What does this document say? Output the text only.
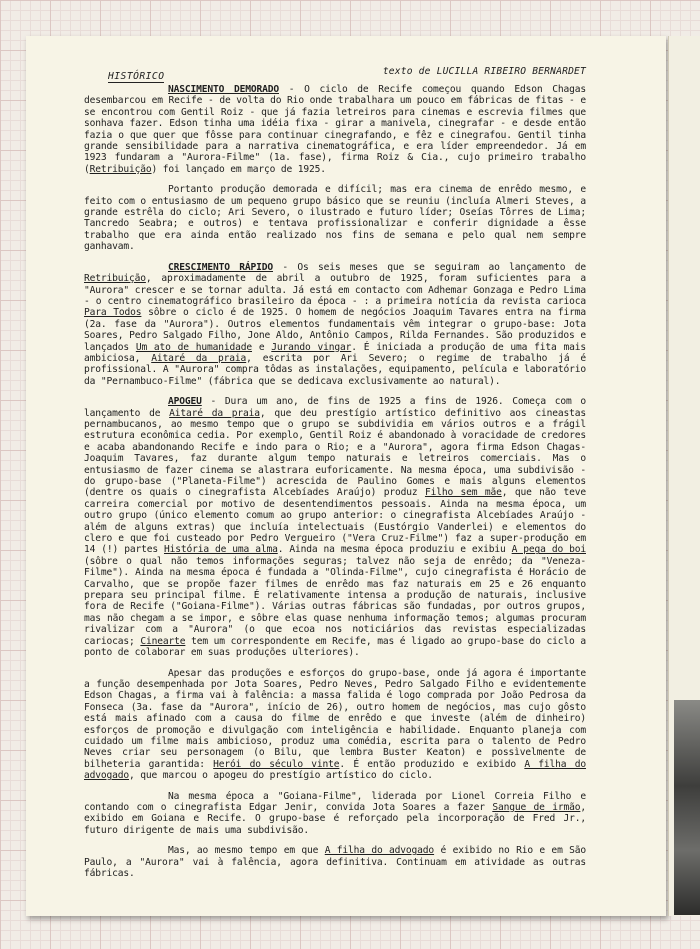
HISTÓRICO	texto de LUCILLA RIBEIRO BERNARDET

NASCIMENTO DEMORADO - O ciclo de Recife começou quando Edson Chagas desembarcou em Recife - de volta do Rio onde trabalhara um pouco em fábricas de fitas - e se encontrou com Gentil Roiz - que já fazia letreiros para cinemas e escrevia filmes que sonhava fazer. Edson tinha uma idéia fixa - girar a manivela, cinegrafar - e desde então fazia o que quer que fôsse para continuar cinegrafando, e fêz e cinegrafou. Gentil tinha grande sensibilidade para a narrativa cinematográfica, e era líder empreendedor. Já em 1923 fundaram a "Aurora-Filme" (1a. fase), firma Roiz & Cia., cujo primeiro trabalho (Retribuição) foi lançado em março de 1925.

Portanto produção demorada e difícil; mas era cinema de enrêdo mesmo, e feito com o entusiasmo de um pequeno grupo básico que se reuniu (incluía Almeri Steves, a grande estrêla do ciclo; Ari Severo, o ilustrado e futuro líder; Oseías Tôrres de Lima; Tancredo Seabra; e outros) e tentava profissionalizar e conferir dignidade a êsse trabalho que era ainda então realizado nos fins de semana e pelo qual nem sempre ganhavam.

CRESCIMENTO RÁPIDO - Os seis meses que se seguiram ao lançamento de Retribuição, aproximadamente de abril a outubro de 1925, foram suficientes para a "Aurora" crescer e se tornar adulta. Já está em contacto com Adhemar Gonzaga e Pedro Lima - o centro cinematográfico brasileiro da época - : a primeira notícia da revista carioca Para Todos sôbre o ciclo é de 1925. O homem de negócios Joaquim Tavares entra na firma (2a. fase da "Aurora"). Outros elementos fundamentais vêm integrar o grupo-base: Jota Soares, Pedro Salgado Filho, Jone Aldo, Antônio Campos, Rilda Fernandes. São produzidos e lançados Um ato de humanidade e Jurando vingar. É iniciada a produção de uma fita mais ambiciosa, Aitaré da praia, escrita por Ari Severo; o regime de trabalho já é profissional. A "Aurora" compra tôdas as instalações, equipamento, película e laboratório da "Pernambuco-Filme" (fábrica que se dedicava exclusivamente ao natural).

APOGEU - Dura um ano, de fins de 1925 a fins de 1926. Começa com o lançamento de Aitaré da praia, que deu prestígio artístico definitivo aos cineastas pernambucanos, ao mesmo tempo que o grupo se subdividia em vários outros e a frágil estrutura econômica cedia. Por exemplo, Gentil Roiz é abandonado à voracidade de credores e acaba abandonando Recife e indo para o Rio; e a "Aurora", agora firma Edson Chagas-Joaquim Tavares, faz durante algum tempo naturais e letreiros comerciais. Mas o entusiasmo de fazer cinema se alastrara euforicamente. Na mesma época, uma subdivisão - do grupo-base ("Planeta-Filme") acrescida de Paulino Gomes e mais alguns elementos (dentre os quais o cinegrafista Alcebíades Araújo) produz Filho sem mãe, que não teve carreira comercial por motivo de desentendimentos pessoais. Ainda na mesma época, um outro grupo (único elemento comum ao grupo anterior: o cinegrafista Alcebíades Araújo - além de alguns extras) que incluía intelectuais (Eustórgio Vanderlei) e elementos do clero e que foi custeado por Pedro Vergueiro ("Vera Cruz-Filme") faz a super-produção em 14 (!) partes História de uma alma. Ainda na mesma época produziu e exibiu A pega do boi (sôbre o qual não temos informações seguras; talvez não seja de enrêdo; da "Veneza-Filme"). Ainda na mesma época é fundada a "Olinda-Filme", cujo cinegrafista é Horácio de Carvalho, que se propõe fazer filmes de enrêdo mas faz naturais em 25 e 26 enquanto prepara seu principal filme. É relativamente intensa a produção de naturais, inclusive fora de Recife ("Goiana-Filme"). Várias outras fábricas são fundadas, por outros grupos, mas não chegam a se impor, e sôbre elas quase nenhuma informação temos; algumas procuram rivalizar com a "Aurora" (o que ecoa nos noticiários das revistas especializadas cariocas; Cinearte tem um correspondente em Recife, mas é ligado ao grupo-base do ciclo a ponto de colaborar em suas produções ulteriores).

Apesar das produções e esforços do grupo-base, onde já agora é importante a função desempenhada por Jota Soares, Pedro Neves, Pedro Salgado Filho e evidentemente Edson Chagas, a firma vai à falência: a massa falida é logo comprada por João Pedrosa da Fonseca (3a. fase da "Aurora", início de 26), outro homem de negócios, mas cujo gôsto está mais afinado com a causa do filme de enrêdo e que investe (além de dinheiro) esforços de promoção e divulgação com inteligência e habilidade. Enquanto planeja com cuidado um filme mais ambicioso, produz uma comédia, escrita para o talento de Pedro Neves criar seu personagem (o Bilu, que lembra Buster Keaton) e possìvelmente de bilheteria garantida: Herói do século vinte. É então produzido e exibido A filha do advogado, que marcou o apogeu do prestígio artístico do ciclo.

Na mesma época a "Goiana-Filme", liderada por Lionel Correia Filho e contando com o cinegrafista Edgar Jenir, convida Jota Soares a fazer Sangue de irmão, exibido em Goiana e Recife. O grupo-base é reforçado pela incorporação de Fred Jr., futuro dirigente de mais uma subdivisão.

Mas, ao mesmo tempo em que A filha do advogado é exibido no Rio e em São Paulo, a "Aurora" vai à falência, agora definitiva. Continuam em atividade as outras fábricas.
